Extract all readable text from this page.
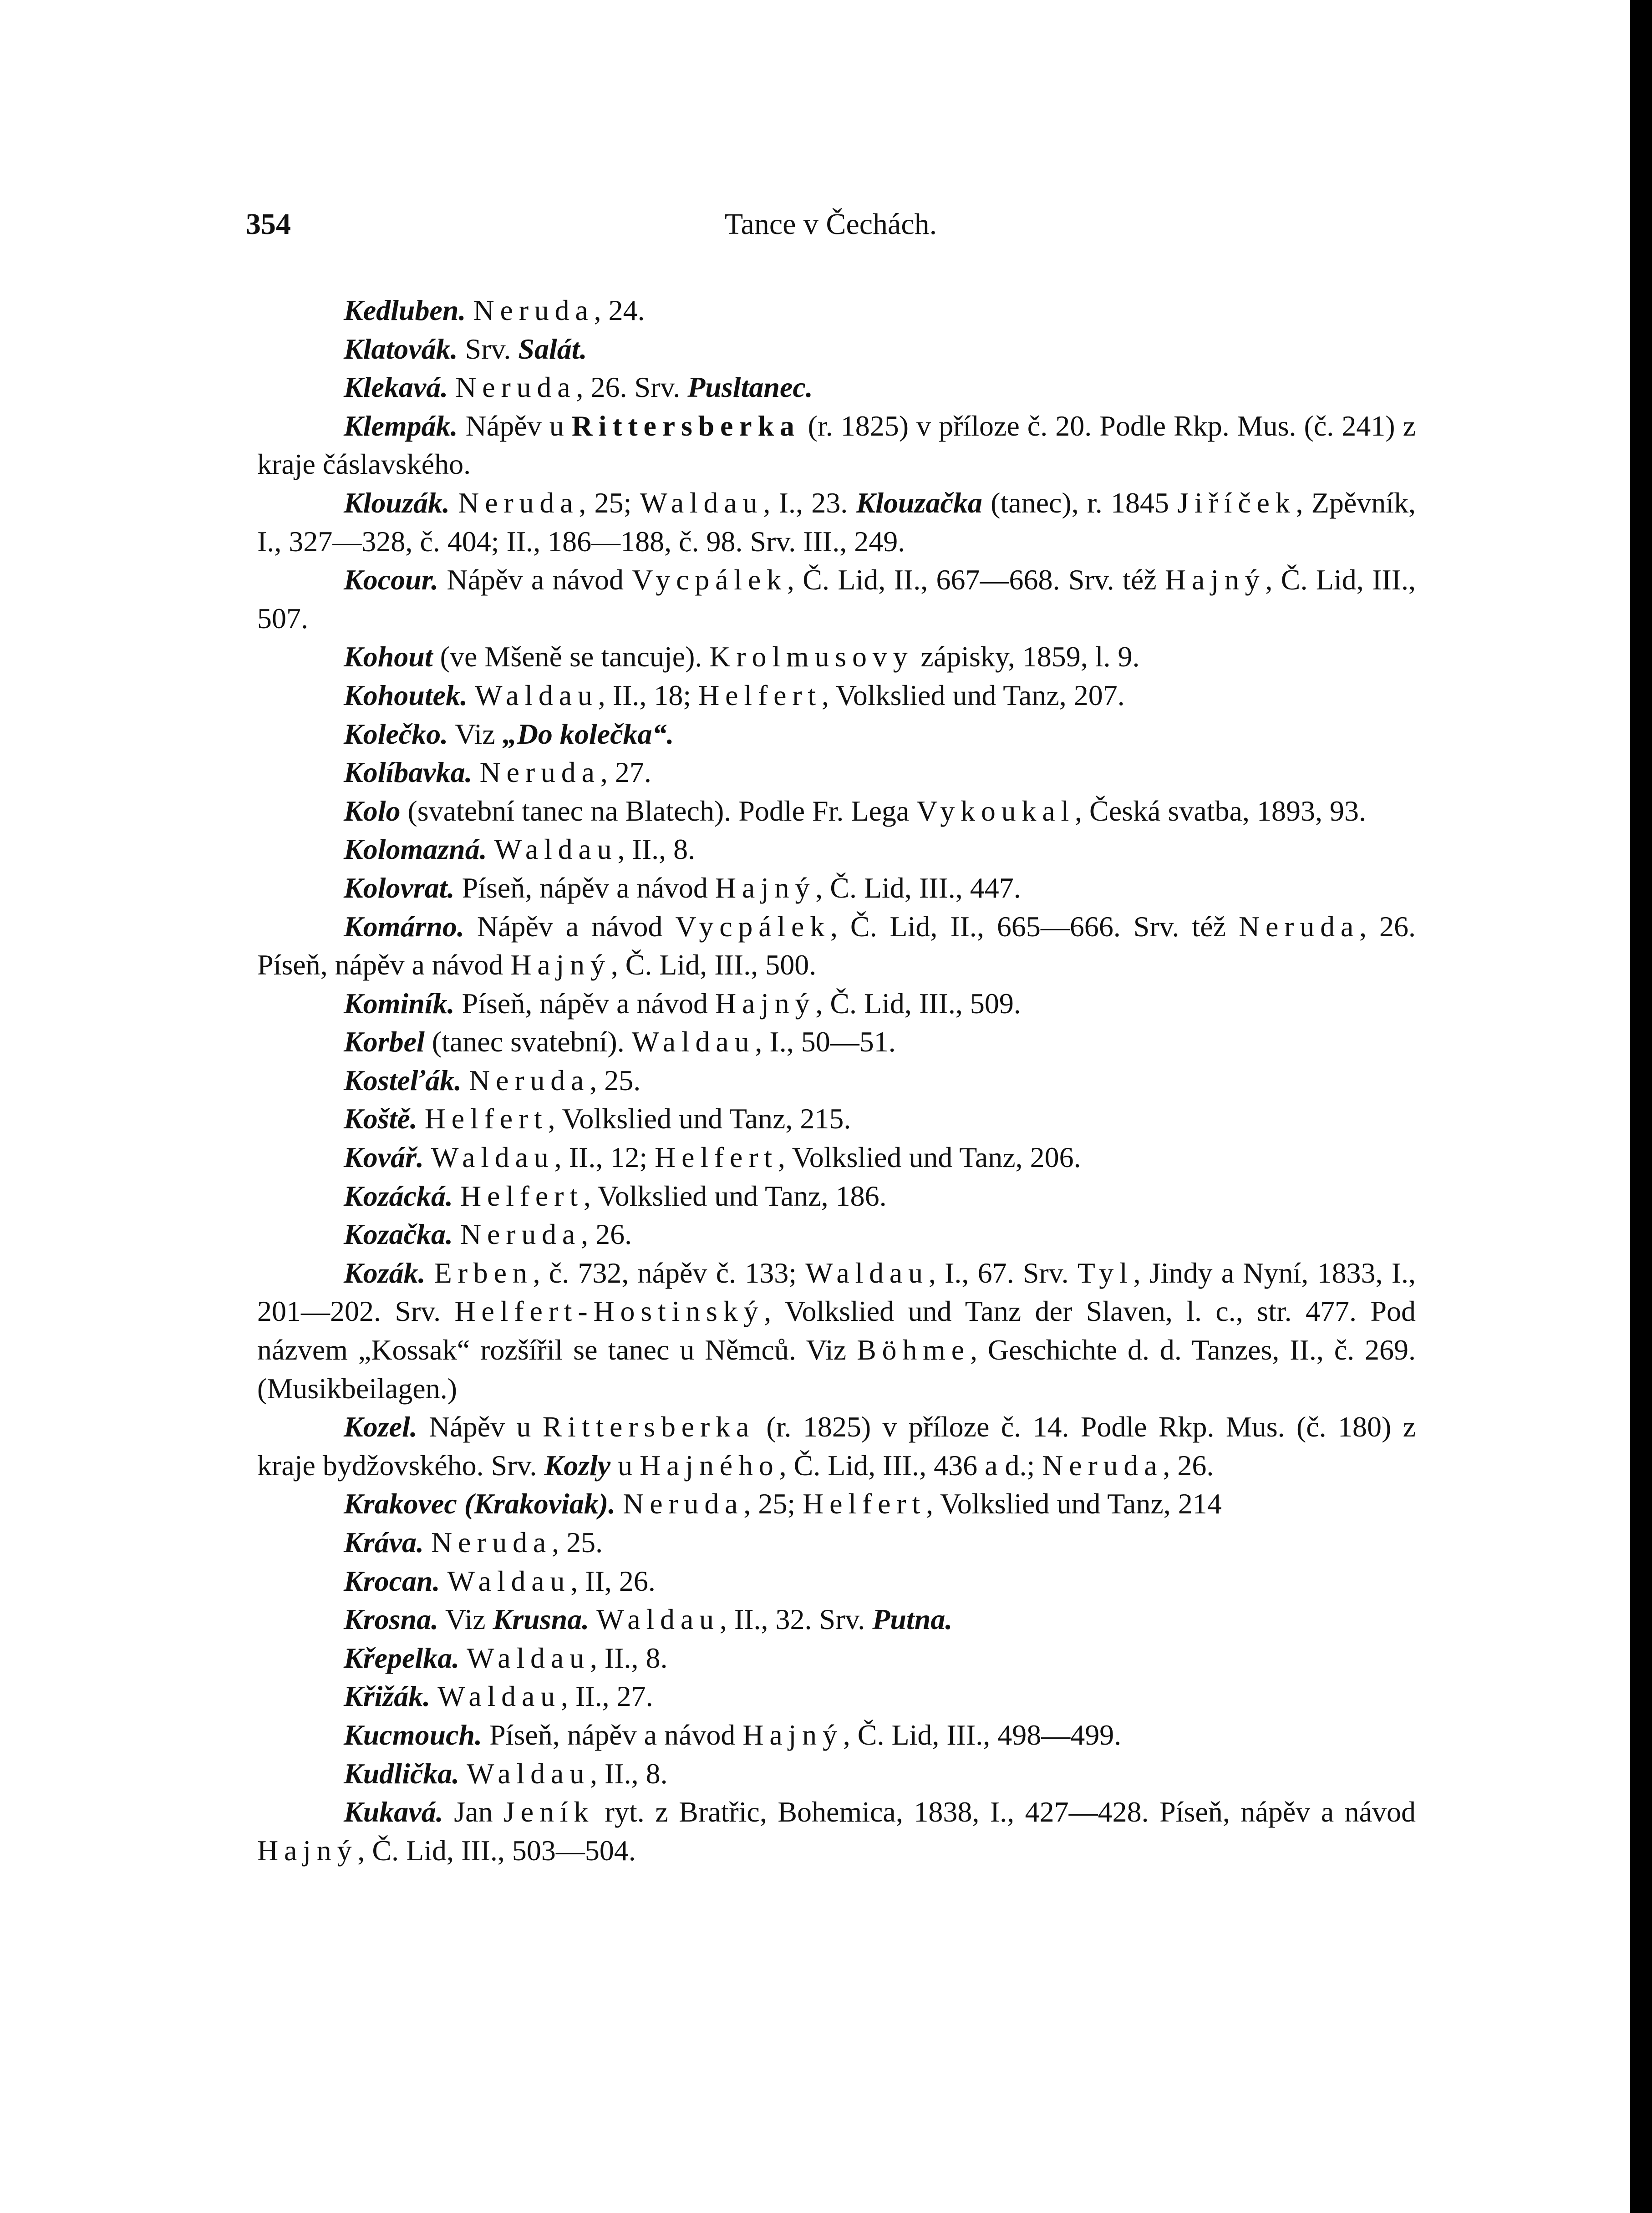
Tance v Čechách.
354

Kedluben. Neruda, 24.

Klatovák. Srv. Salát.

Klekavá. Neruda, 26. Srv. Pusltanec.

Klempák. Nápěv u Rittersberka (r. 1825) v příloze č. 20. Podle Rkp. Mus. (č. 241) z kraje čáslavského.

Klouzák. Neruda, 25; Waldau, I., 23. Klouzačka (tanec), r. 1845 Jiříček, Zpěvník, I., 327—328, č. 404; II., 186—188, č. 98. Srv. III., 249.

Kocour. Nápěv a návod Vycpálek, Č. Lid, II., 667—668. Srv. též Hajný, Č. Lid, III., 507.

Kohout (ve Mšeně se tancuje). Krolmusovy zápisky, 1859, l. 9.

Kohoutek. Waldau, II., 18; Helfert, Volkslied und Tanz, 207.

Kolečko. Viz „Do kolečka“.

Kolíbavka. Neruda, 27.

Kolo (svatební tanec na Blatech). Podle Fr. Lega Vykoukal, Česká svatba, 1893, 93.

Kolomazná. Waldau, II., 8.

Kolovrat. Píseň, nápěv a návod Hajný, Č. Lid, III., 447.

Komárno. Nápěv a návod Vycpálek, Č. Lid, II., 665—666. Srv. též Neruda, 26. Píseň, nápěv a návod Hajný, Č. Lid, III., 500.

Kominík. Píseň, nápěv a návod Hajný, Č. Lid, III., 509.

Korbel (tanec svatební). Waldau, I., 50—51.

Kosteľák. Neruda, 25.

Koště. Helfert, Volkslied und Tanz, 215.

Kovář. Waldau, II., 12; Helfert, Volkslied und Tanz, 206.

Kozácká. Helfert, Volkslied und Tanz, 186.

Kozačka. Neruda, 26.

Kozák. Erben, č. 732, nápěv č. 133; Waldau, I., 67. Srv. Tyl, Jindy a Nyní, 1833, I., 201—202. Srv. Helfert-Hostinský, Volkslied und Tanz der Slaven, l. c., str. 477. Pod názvem „Kossak“ rozšířil se tanec u Němců. Viz Böhme, Geschichte d. d. Tanzes, II., č. 269. (Musikbeilagen.)

Kozel. Nápěv u Rittersberka (r. 1825) v příloze č. 14. Podle Rkp. Mus. (č. 180) z kraje bydžovského. Srv. Kozly u Hajného, Č. Lid, III., 436 a d.; Neruda, 26.

Krakovec (Krakoviak). Neruda, 25; Helfert, Volkslied und Tanz, 214

Kráva. Neruda, 25.

Krocan. Waldau, II, 26.

Krosna. Viz Krusna. Waldau, II., 32. Srv. Putna.

Křepelka. Waldau, II., 8.

Křižák. Waldau, II., 27.

Kucmouch. Píseň, nápěv a návod Hajný, Č. Lid, III., 498—499.

Kudlička. Waldau, II., 8.

Kukavá. Jan Jeník ryt. z Bratřic, Bohemica, 1838, I., 427—428. Píseň, nápěv a návod Hajný, Č. Lid, III., 503—504.
